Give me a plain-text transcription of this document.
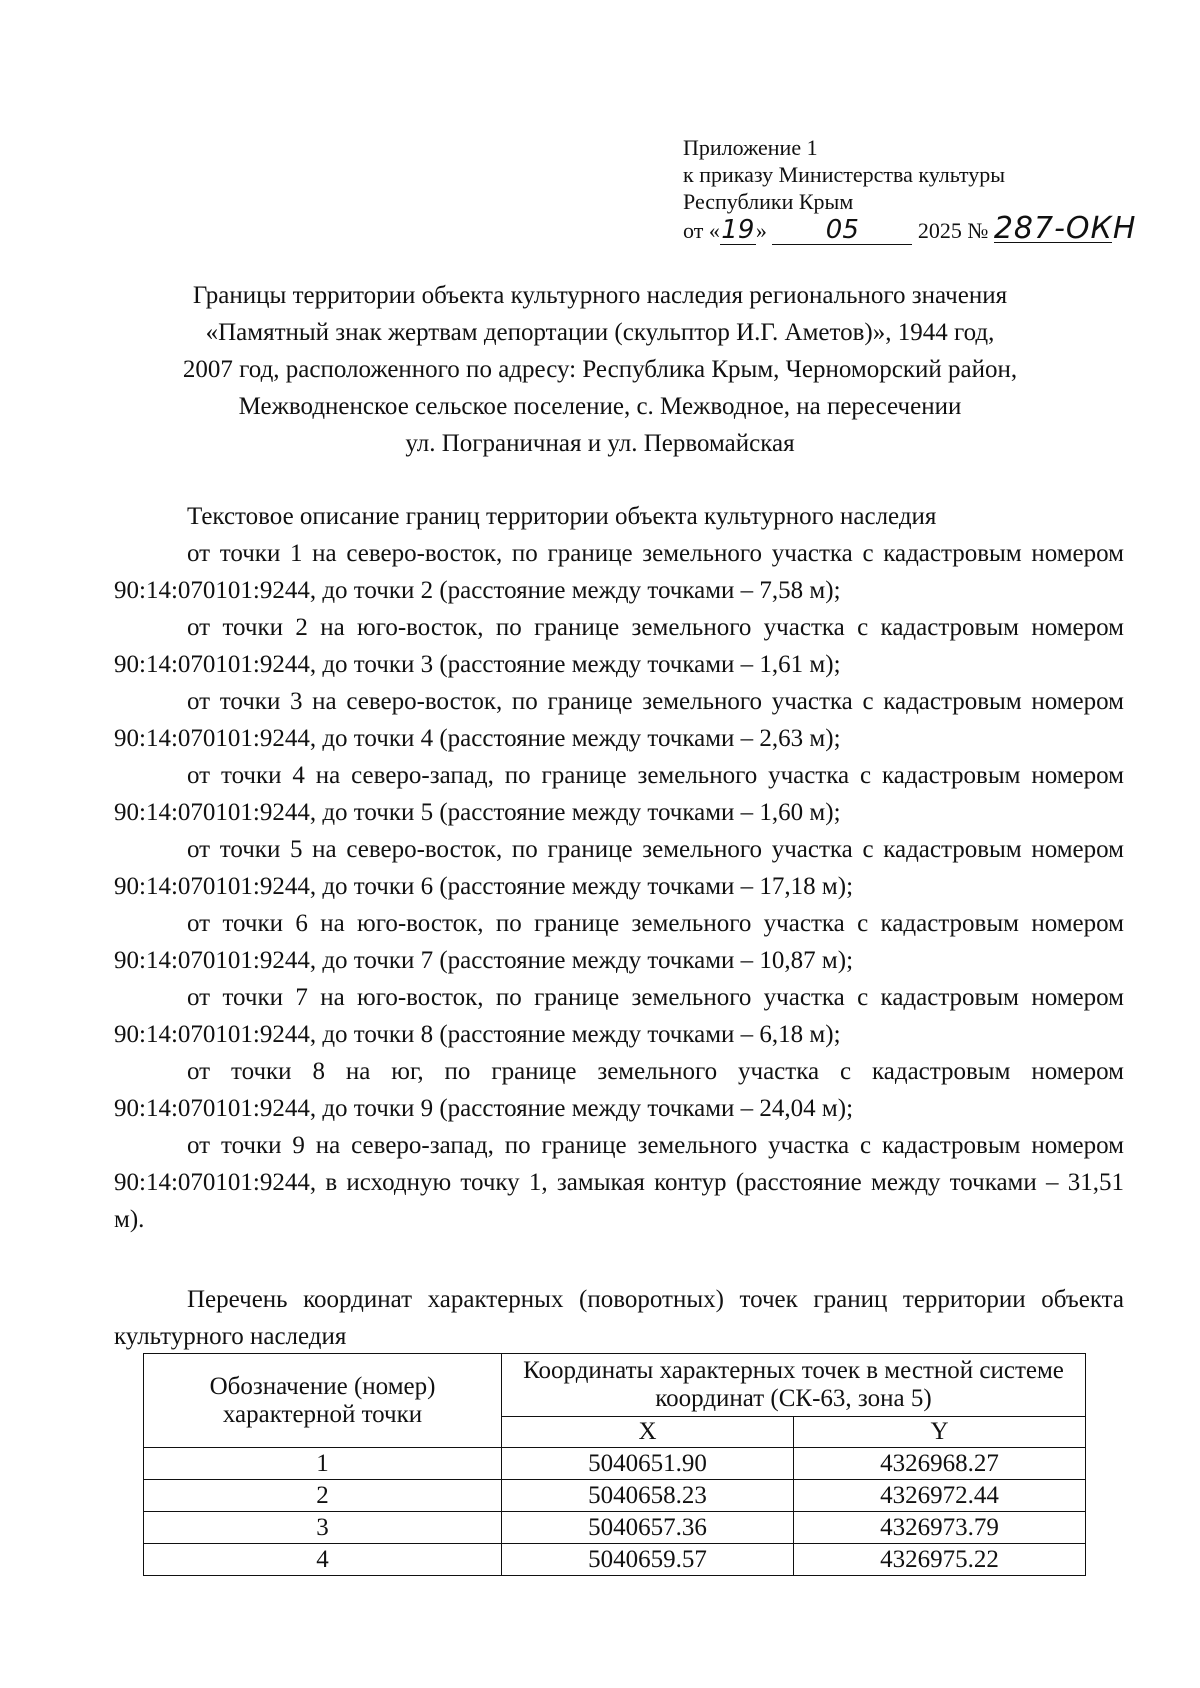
Приложение 1
к приказу Министерства культуры
Республики Крым
от «19» 05	2025 № 287-ОКН
Границы территории объекта культурного наследия регионального значения
«Памятный знак жертвам депортации (скульптор И.Г. Аметов)», 1944 год,
2007 год, расположенного по адресу: Республика Крым, Черноморский район,
Межводненское сельское поселение, с. Межводное, на пересечении
ул. Пограничная и ул. Первомайская
Текстовое описание границ территории объекта культурного наследия

от точки 1 на северо-восток, по границе земельного участка с кадастровым номером 90:14:070101:9244, до точки 2 (расстояние между точками – 7,58 м);

от точки 2 на юго-восток, по границе земельного участка с кадастровым номером 90:14:070101:9244, до точки 3 (расстояние между точками – 1,61 м);

от точки 3 на северо-восток, по границе земельного участка с кадастровым номером 90:14:070101:9244, до точки 4 (расстояние между точками – 2,63 м);

от точки 4 на северо-запад, по границе земельного участка с кадастровым номером 90:14:070101:9244, до точки 5 (расстояние между точками – 1,60 м);

от точки 5 на северо-восток, по границе земельного участка с кадастровым номером 90:14:070101:9244, до точки 6 (расстояние между точками – 17,18 м);

от точки 6 на юго-восток, по границе земельного участка с кадастровым номером 90:14:070101:9244, до точки 7 (расстояние между точками – 10,87 м);

от точки 7 на юго-восток, по границе земельного участка с кадастровым номером 90:14:070101:9244, до точки 8 (расстояние между точками – 6,18 м);

от точки 8 на юг, по границе земельного участка с кадастровым номером 90:14:070101:9244, до точки 9 (расстояние между точками – 24,04 м);

от точки 9 на северо-запад, по границе земельного участка с кадастровым номером 90:14:070101:9244, в исходную точку 1, замыкая контур (расстояние между точками – 31,51 м).

Перечень координат характерных (поворотных) точек границ территории объекта культурного наследия
Обозначение (номер) характерной точки	Координаты характерных точек в местной системе координат (СК-63, зона 5)	
	X	Y
1	5040651.90	4326968.27
2	5040658.23	4326972.44
3	5040657.36	4326973.79
4	5040659.57	4326975.22
